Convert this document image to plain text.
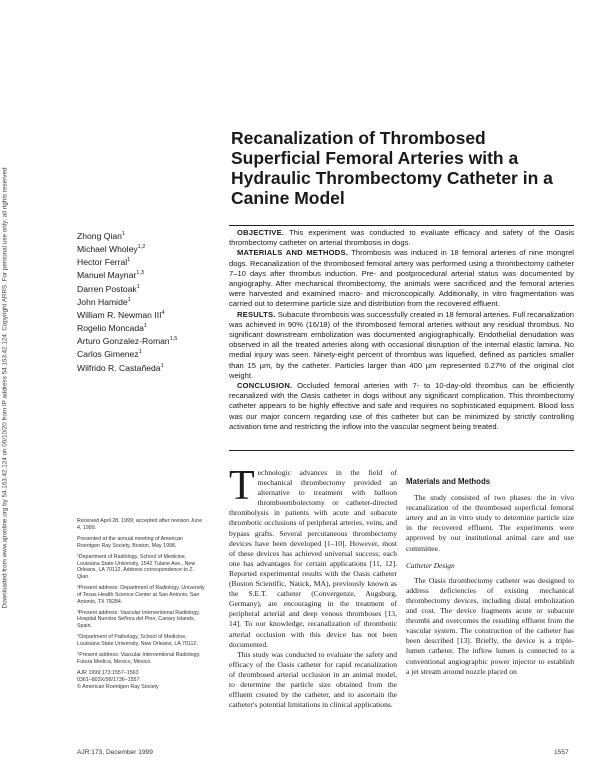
Downloaded from www.ajronline.org by 54.163.42.124 on 06/10/20 from IP address 54.163.42.124. Copyright ARRS. For personal use only; all rights reserved
Recanalization of Thrombosed Superficial Femoral Arteries with a Hydraulic Thrombectomy Catheter in a Canine Model
Zhong Qian$^1$
Michael Wholey$^{1,2}$
Hector Ferral$^1$
Manuel Maynar$^{1,3}$
Darren Postoak$^1$
John Hamide$^1$
William R. Newman III$^4$
Rogelio Moncada$^1$
Arturo Gonzalez-Roman$^{1,5}$
Carlos Gimenez$^1$
Wilfrido R. Castañeda$^1$

OBJECTIVE. This experiment was conducted to evaluate efficacy and safety of the Oasis thrombectomy catheter on arterial thrombosis in dogs.

MATERIALS AND METHODS. Thrombosis was induced in 18 femoral arteries of nine mongrel dogs. Recanalization of the thrombosed femoral artery was performed using a thrombectomy catheter 7–10 days after thrombus induction. Pre- and postprocedural arterial status was documented by angiography. After mechanical thrombectomy, the animals were sacrificed and the femoral arteries were harvested and examined macro- and microscopically. Additionally, in vitro fragmentation was carried out to determine particle size and distribution from the recovered effluent.

RESULTS. Subacute thrombosis was successfully created in 18 femoral arteries. Full recanalization was achieved in 90% (16/18) of the thrombosed femoral arteries without any residual thrombus. No significant downstream embolization was documented angiographically. Endothelial denudation was observed in all the treated arteries along with occasional disruption of the internal elastic lamina. No medial injury was seen. Ninety-eight percent of thrombus was liquefied, defined as particles smaller than 15 µm, by the catheter. Particles larger than 400 µm represented 0.27% of the original clot weight.

CONCLUSION. Occluded femoral arteries with 7- to 10-day-old thrombus can be efficiently recanalized with the Oasis catheter in dogs without any significant complication. This thrombectomy catheter appears to be highly effective and safe and requires no sophisticated equipment. Blood loss was our major concern regarding use of this catheter but can be minimized by strictly controlling activation time and restricting the inflow into the vascular segment being treated.

Received April 28, 1999; accepted after revision June 4, 1999.

Presented at the annual meeting of American Roentgen Ray Society, Boston, May 1998.

¹Department of Radiology, School of Medicine, Louisiana State University, 1542 Tulane Ave., New Orleans, LA 70112. Address correspondence to Z. Qian.

²Present address: Department of Radiology, University of Texas Health Science Center at San Antonio, San Antonio, TX 78284.

³Present address: Vascular Interventional Radiology, Hospital Nuestra Señora del Pino, Canary Islands, Spain.

⁴Department of Pathology, School of Medicine, Louisiana State University, New Orleans, LA 70112.

⁵Present address: Vascular Interventional Radiology, Futura Medica, Mexico, Mexico.

AJR 1999;173:1557–1563

0361–803X/99/1736–1557

© American Roentgen Ray Society

Technologic advances in the field of mechanical thrombectomy provided an alternative to treatment with balloon thromboembolectomy or catheter-directed thrombolysis in patients with acute and subacute thrombotic occlusions of peripheral arteries, veins, and bypass grafts. Several percutaneous thrombectomy devices have been developed [1–10]. However, most of these devices has achieved universal success; each one has advantages for certain applications [11, 12]. Reported experimental results with the Oasis catheter (Boston Scientific, Natick, MA), previously known as the S.E.T. catheter (Convergenze, Augsburg, Germany), are encouraging in the treatment of peripheral arterial and deep venous thromboses [13, 14]. To our knowledge, recanalization of thrombotic arterial occlusion with this device has not been documented.

This study was conducted to evaluate the safety and efficacy of the Oasis catheter for rapid recanalization of thrombosed arterial occlusion in an animal model, to determine the particle size obtained from the effluent created by the catheter, and to ascertain the catheter's potential limitations in clinical applications.

Materials and Methods

The study consisted of two phases: the in vivo recanalization of the thrombosed superficial femoral artery and an in vitro study to determine particle size in the recovered effluent. The experiments were approved by our institutional animal care and use committee.

Catheter Design

The Oasis thrombectomy catheter was designed to address deficiencies of existing mechanical thrombectomy devices, including distal embolization and cost. The device fragments acute or subacute thrombi and overcomes the resulting effluent from the vascular system. The construction of the catheter has been described [13]. Briefly, the device is a triple-lumen catheter. The inflow lumen is connected to a conventional angiographic power injector to establish a jet stream around nozzle placed on

AJR:173, December 1999	1557
